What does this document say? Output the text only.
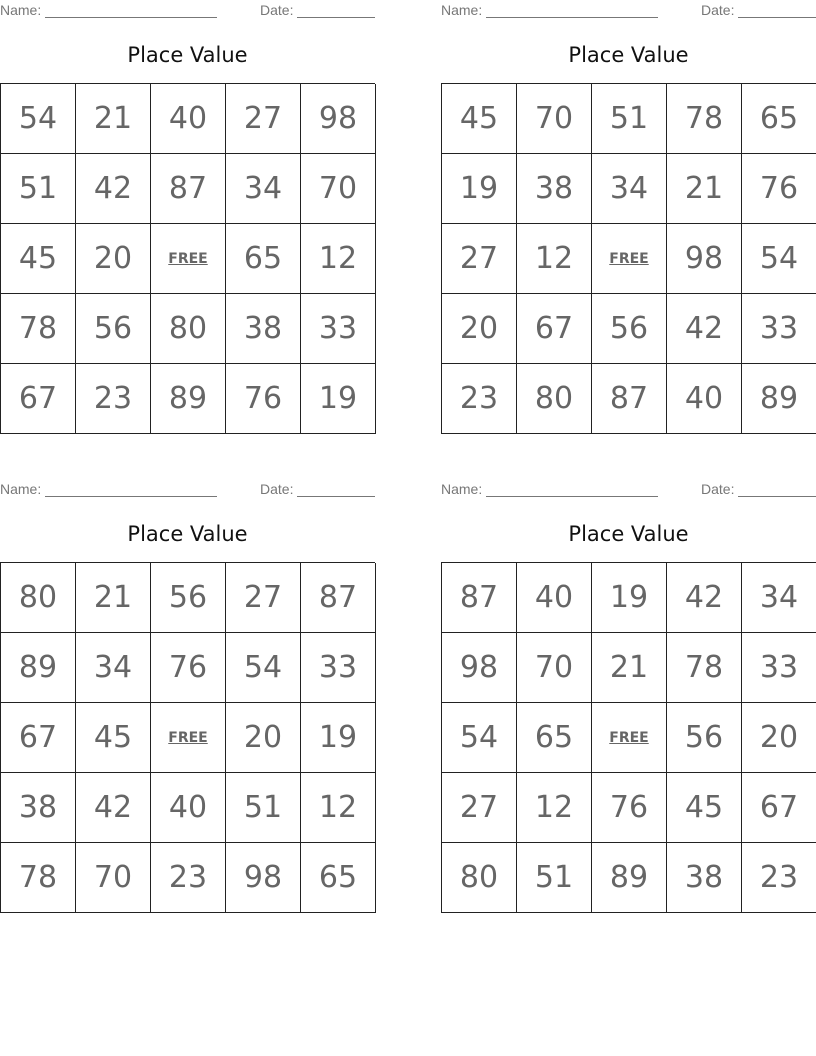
Name:	Date:
Place Value
54	21	40	27	98
51	42	87	34	70
45	20	FREE	65	12
78	56	80	38	33
67	23	89	76	19
Name:	Date:
Place Value
45	70	51	78	65
19	38	34	21	76
27	12	FREE	98	54
20	67	56	42	33
23	80	87	40	89
Name:	Date:
Place Value
80	21	56	27	87
89	34	76	54	33
67	45	FREE	20	19
38	42	40	51	12
78	70	23	98	65
Name:	Date:
Place Value
87	40	19	42	34
98	70	21	78	33
54	65	FREE	56	20
27	12	76	45	67
80	51	89	38	23
